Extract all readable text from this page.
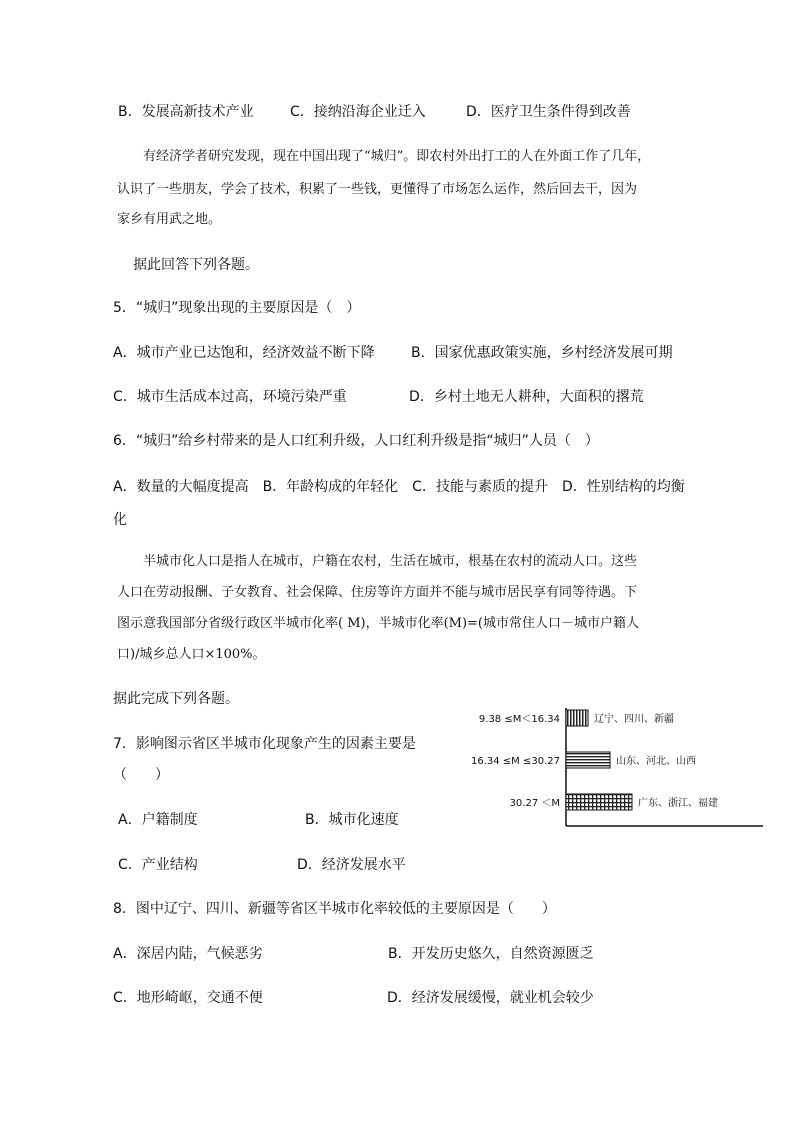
B．发展高新技术产业	C．接纳沿海企业迁入	D．医疗卫生条件得到改善
有经济学者研究发现，现在中国出现了“城归”。即农村外出打工的人在外面工作了几年，
认识了一些朋友，学会了技术，积累了一些钱，更懂得了市场怎么运作，然后回去干，因为
家乡有用武之地。
据此回答下列各题。
5．“城归”现象出现的主要原因是（　）
A．城市产业已达饱和，经济效益不断下降	B．国家优惠政策实施，乡村经济发展可期
C．城市生活成本过高，环境污染严重	D．乡村土地无人耕种，大面积的撂荒
6．“城归”给乡村带来的是人口红利升级，人口红利升级是指“城归”人员（　）
A．数量的大幅度提高　B．年龄构成的年轻化　C．技能与素质的提升　D．性别结构的均衡
化
半城市化人口是指人在城市，户籍在农村，生活在城市，根基在农村的流动人口。这些
人口在劳动报酬、子女教育、社会保障、住房等许方面并不能与城市居民享有同等待遇。下
图示意我国部分省级行政区半城市化率( M)，半城市化率(M)=(城市常住人口－城市户籍人
口)/城乡总人口×100%。
据此完成下列各题。
7．影响图示省区半城市化现象产生的因素主要是
（　　）
A．户籍制度	B．城市化速度
C．产业结构	D．经济发展水平
9.38 ≤M＜16.34	辽宁、四川、新疆
16.34 ≤M ≤30.27	山东、河北、山西
30.27 ＜M	广东、浙江、福建
8．图中辽宁、四川、新疆等省区半城市化率较低的主要原因是（　　）
A．深居内陆，气候恶劣	B．开发历史悠久，自然资源匮乏
C．地形崎岖，交通不便	D．经济发展缓慢，就业机会较少
